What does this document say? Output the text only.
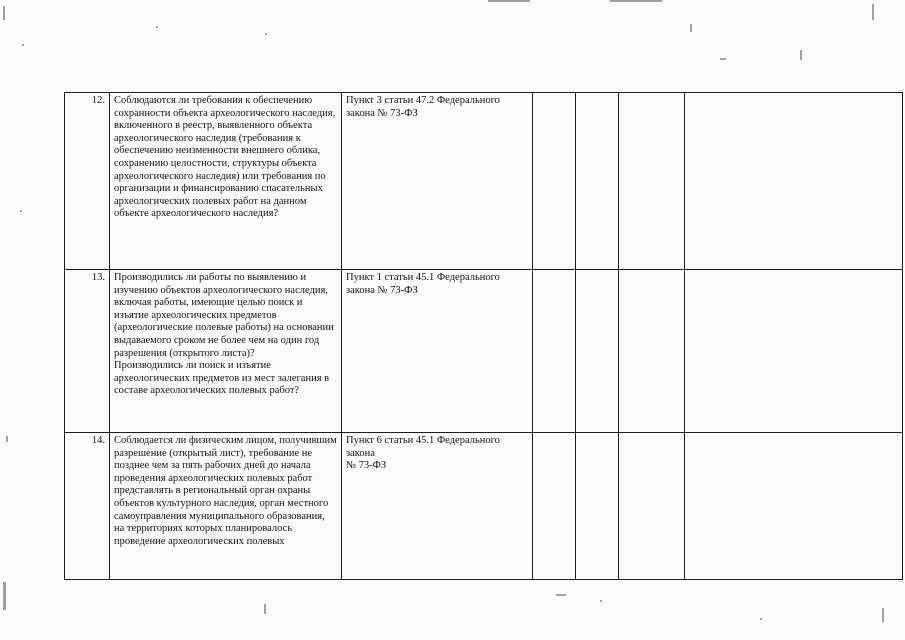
12.	Соблюдаются ли требования к обеспечению сохранности объекта археологического наследия, включенного в реестр, выявленного объекта археологического наследия (требования к обеспечению неизменности внешнего облика, сохранению целостности, структуры объекта археологического наследия) или требования по организации и финансированию спасательных археологических полевых работ на данном объекте археологического наследия?	Пункт 3 статьи 47.2 Федерального закона № 73-ФЗ				

13.	Производились ли работы по выявлению и изучению объектов археологического наследия, включая работы, имеющие целью поиск и изъятие археологических предметов (археологические полевые работы) на основании выдаваемого сроком не более чем на один год разрешения (открытого листа)?
Производились ли поиск и изъятие археологических предметов из мест залегания в составе археологических полевых работ?	Пункт 1 статьи 45.1 Федерального закона № 73-ФЗ				

14.	Соблюдается ли физическим лицом, получившим разрешение (открытый лист), требование не позднее чем за пять рабочих дней до начала проведения археологических полевых работ представлять в региональный орган охраны объектов культурного наследия, орган местного самоуправления муниципального образования, на территориях которых планировалось проведение археологических полевых	Пункт 6 статьи 45.1 Федерального закона
№ 73-ФЗ				
